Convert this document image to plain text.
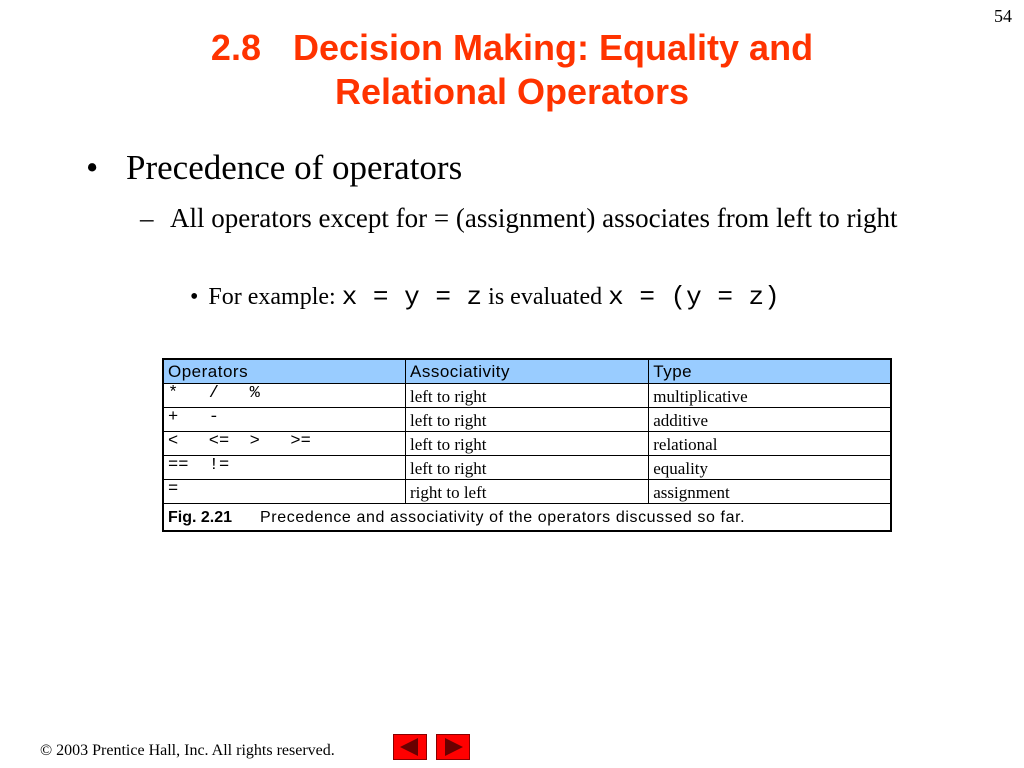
54
2.8 Decision Making: Equality and
Relational Operators
• Precedence of operators
– All operators except for = (assignment) associates from left to right
• For example: x = y = z is evaluated x = (y = z)
Operators	Associativity	Type
*   /   %	left to right	multiplicative
+   -	left to right	additive
<   <=  >   >=	left to right	relational
==  !=	left to right	equality
=	right to left	assignment
Fig. 2.21 Precedence and associativity of the operators discussed so far.		
© 2003 Prentice Hall, Inc. All rights reserved.
